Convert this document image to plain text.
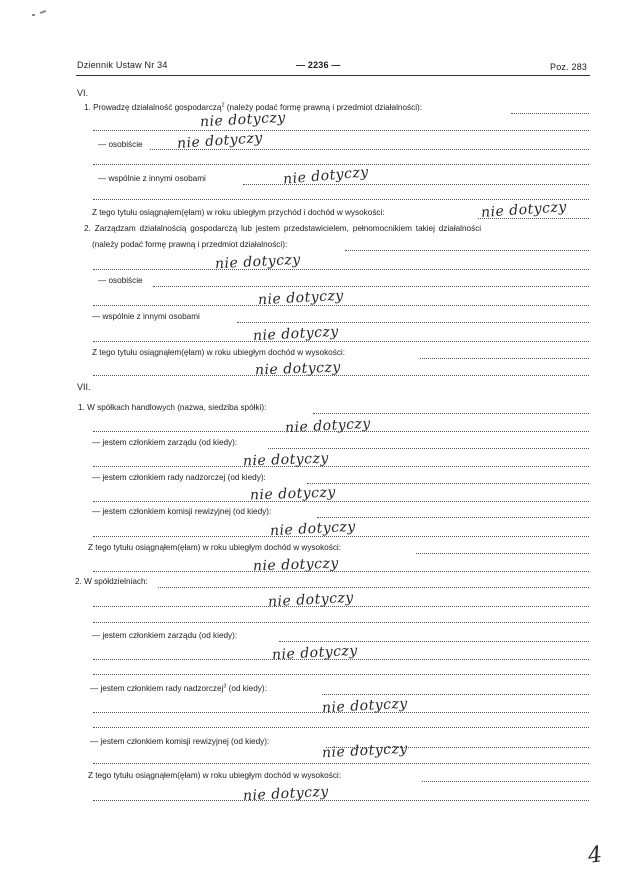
Dziennik Ustaw Nr 34	— 2236 —	Poz. 283
VI.
1. Prowadzę działalność gospodarczą$^2$ (należy podać formę prawną i przedmiot działalności):
nie dotyczy
— osobiście nie dotyczy
— wspólnie z innymi osobami	nie dotyczy
Z tego tytułu osiągnąłem(ęłam) w roku ubiegłym przychód i dochód w wysokości:	nie dotyczy
2. Zarządzam działalnością gospodarczą lub jestem przedstawicielem, pełnomocnikiem takiej działalności
(należy podać formę prawną i przedmiot działalności):
nie dotyczy
— osobiście
nie dotyczy
— wspólnie z innymi osobami
nie dotyczy
Z tego tytułu osiągnąłem(ęłam) w roku ubiegłym dochód w wysokości:
nie dotyczy
VII.
1. W spółkach handlowych (nazwa, siedziba spółki):
nie dotyczy
— jestem członkiem zarządu (od kiedy):
nie dotyczy
— jestem członkiem rady nadzorczej (od kiedy):
nie dotyczy
— jestem członkiem komisji rewizyjnej (od kiedy):
nie dotyczy
Z tego tytułu osiągnąłem(ęłam) w roku ubiegłym dochód w wysokości:
nie dotyczy
2. W spółdzielniach:
nie dotyczy
— jestem członkiem zarządu (od kiedy):
nie dotyczy
— jestem członkiem rady nadzorczej$^3$ (od kiedy):
nie dotyczy
— jestem członkiem komisji rewizyjnej (od kiedy):	nie dotyczy
Z tego tytułu osiągnąłem(ęłam) w roku ubiegłym dochód w wysokości:
nie dotyczy
4
